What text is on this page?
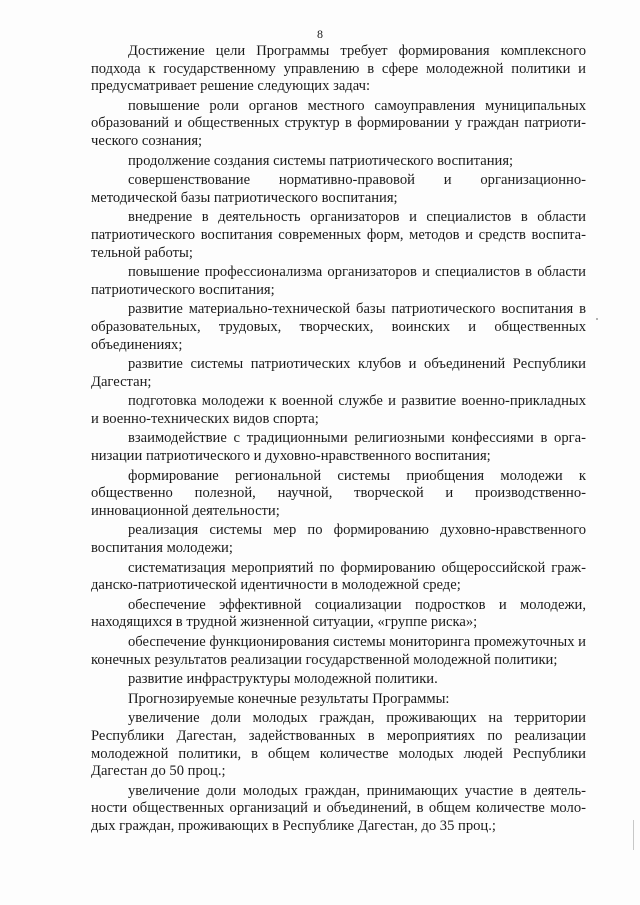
8

Достижение цели Программы требует формирования комплексного подхода к государственному управлению в сфере молодежной политики и предусматривает решение следующих задач:

повышение роли органов местного самоуправления муниципальных образований и общественных структур в формировании у граждан патриотического сознания;

продолжение создания системы патриотического воспитания;

совершенствование нормативно-правовой и организационно-методической базы патриотического воспитания;

внедрение в деятельность организаторов и специалистов в области патриотического воспитания современных форм, методов и средств воспитательной работы;

повышение профессионализма организаторов и специалистов в области патриотического воспитания;

развитие материально-технической базы патриотического воспитания в образовательных, трудовых, творческих, воинских и общественных объединениях;

развитие системы патриотических клубов и объединений Республики Дагестан;

подготовка молодежи к военной службе и развитие военно-прикладных и военно-технических видов спорта;

взаимодействие с традиционными религиозными конфессиями в организации патриотического и духовно-нравственного воспитания;

формирование региональной системы приобщения молодежи к общественно полезной, научной, творческой и производственно-инновационной деятельности;

реализация системы мер по формированию духовно-нравственного воспитания молодежи;

систематизация мероприятий по формированию общероссийской гражданско-патриотической идентичности в молодежной среде;

обеспечение эффективной социализации подростков и молодежи, находящихся в трудной жизненной ситуации, «группе риска»;

обеспечение функционирования системы мониторинга промежуточных и конечных результатов реализации государственной молодежной политики;

развитие инфраструктуры молодежной политики.

Прогнозируемые конечные результаты Программы:

увеличение доли молодых граждан, проживающих на территории Республики Дагестан, задействованных в мероприятиях по реализации молодежной политики, в общем количестве молодых людей Республики Дагестан до 50 проц.;

увеличение доли молодых граждан, принимающих участие в деятельности общественных организаций и объединений, в общем количестве молодых граждан, проживающих в Республике Дагестан, до 35 проц.;
